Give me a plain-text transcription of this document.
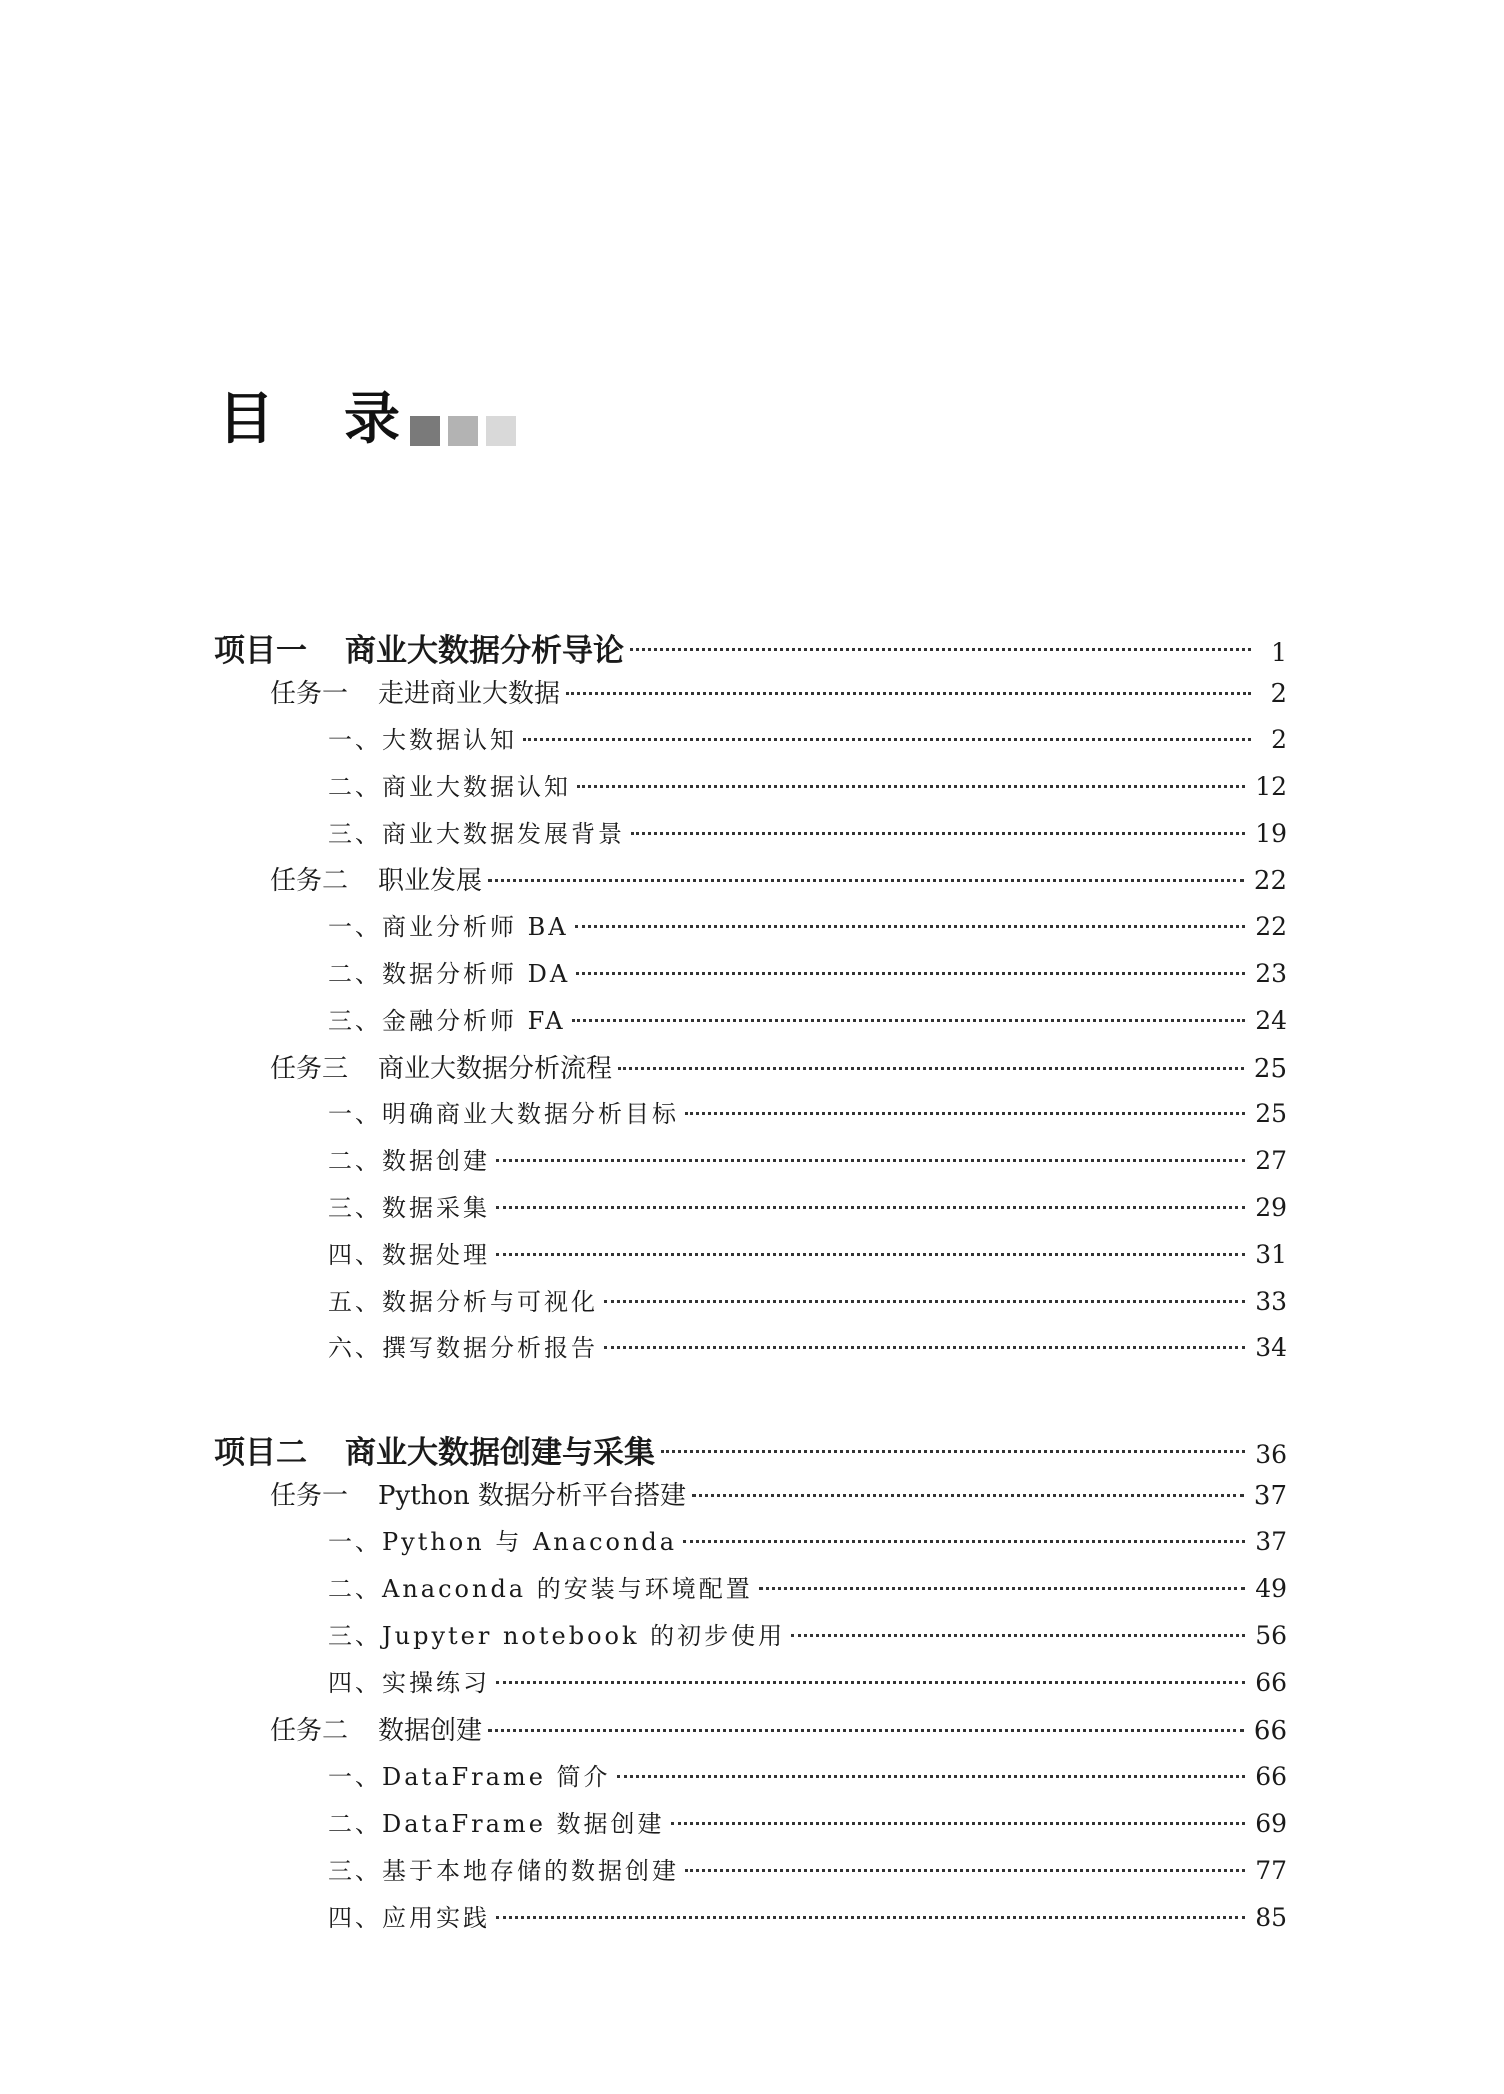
目 录
项目一 商业大数据分析导论	1
任务一 走进商业大数据	2
一、大数据认知	2
二、商业大数据认知	12
三、商业大数据发展背景	19
任务二 职业发展	22
一、商业分析师 BA	22
二、数据分析师 DA	23
三、金融分析师 FA	24
任务三 商业大数据分析流程	25
一、明确商业大数据分析目标	25
二、数据创建	27
三、数据采集	29
四、数据处理	31
五、数据分析与可视化	33
六、撰写数据分析报告	34
项目二 商业大数据创建与采集	36
任务一 Python 数据分析平台搭建	37
一、Python 与 Anaconda	37
二、Anaconda 的安装与环境配置	49
三、Jupyter notebook 的初步使用	56
四、实操练习	66
任务二 数据创建	66
一、DataFrame 简介	66
二、DataFrame 数据创建	69
三、基于本地存储的数据创建	77
四、应用实践	85
